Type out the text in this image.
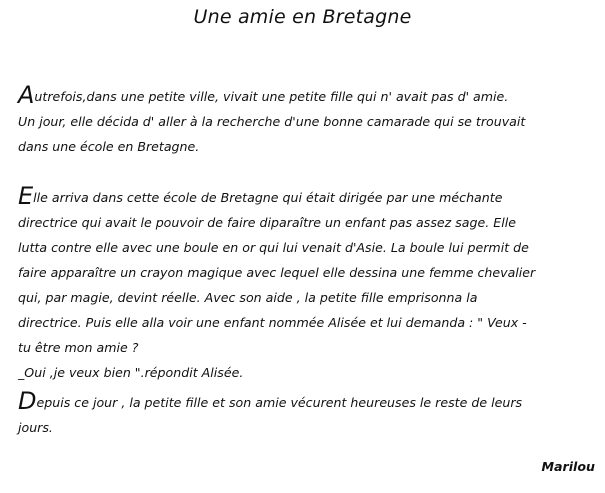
Une amie en Bretagne

Autrefois,dans une petite ville, vivait une petite fille qui n' avait pas d' amie.
Un jour, elle décida d' aller à la recherche d'une bonne camarade qui se trouvait
dans une école en Bretagne.

Elle arriva dans cette école de Bretagne qui était dirigée par une méchante
directrice qui avait le pouvoir de faire diparaître un enfant pas assez sage. Elle
lutta contre elle avec une boule en or qui lui venait d'Asie. La boule lui permit de
faire apparaître un crayon magique avec lequel elle dessina une femme chevalier
qui, par magie, devint réelle. Avec son aide , la petite fille emprisonna la
directrice. Puis elle alla voir une enfant nommée Alisée et lui demanda : " Veux -
tu être mon amie ?
_Oui ,je veux bien ".répondit Alisée.

Depuis ce jour , la petite fille et son amie vécurent heureuses le reste de leurs
jours.

Marilou
